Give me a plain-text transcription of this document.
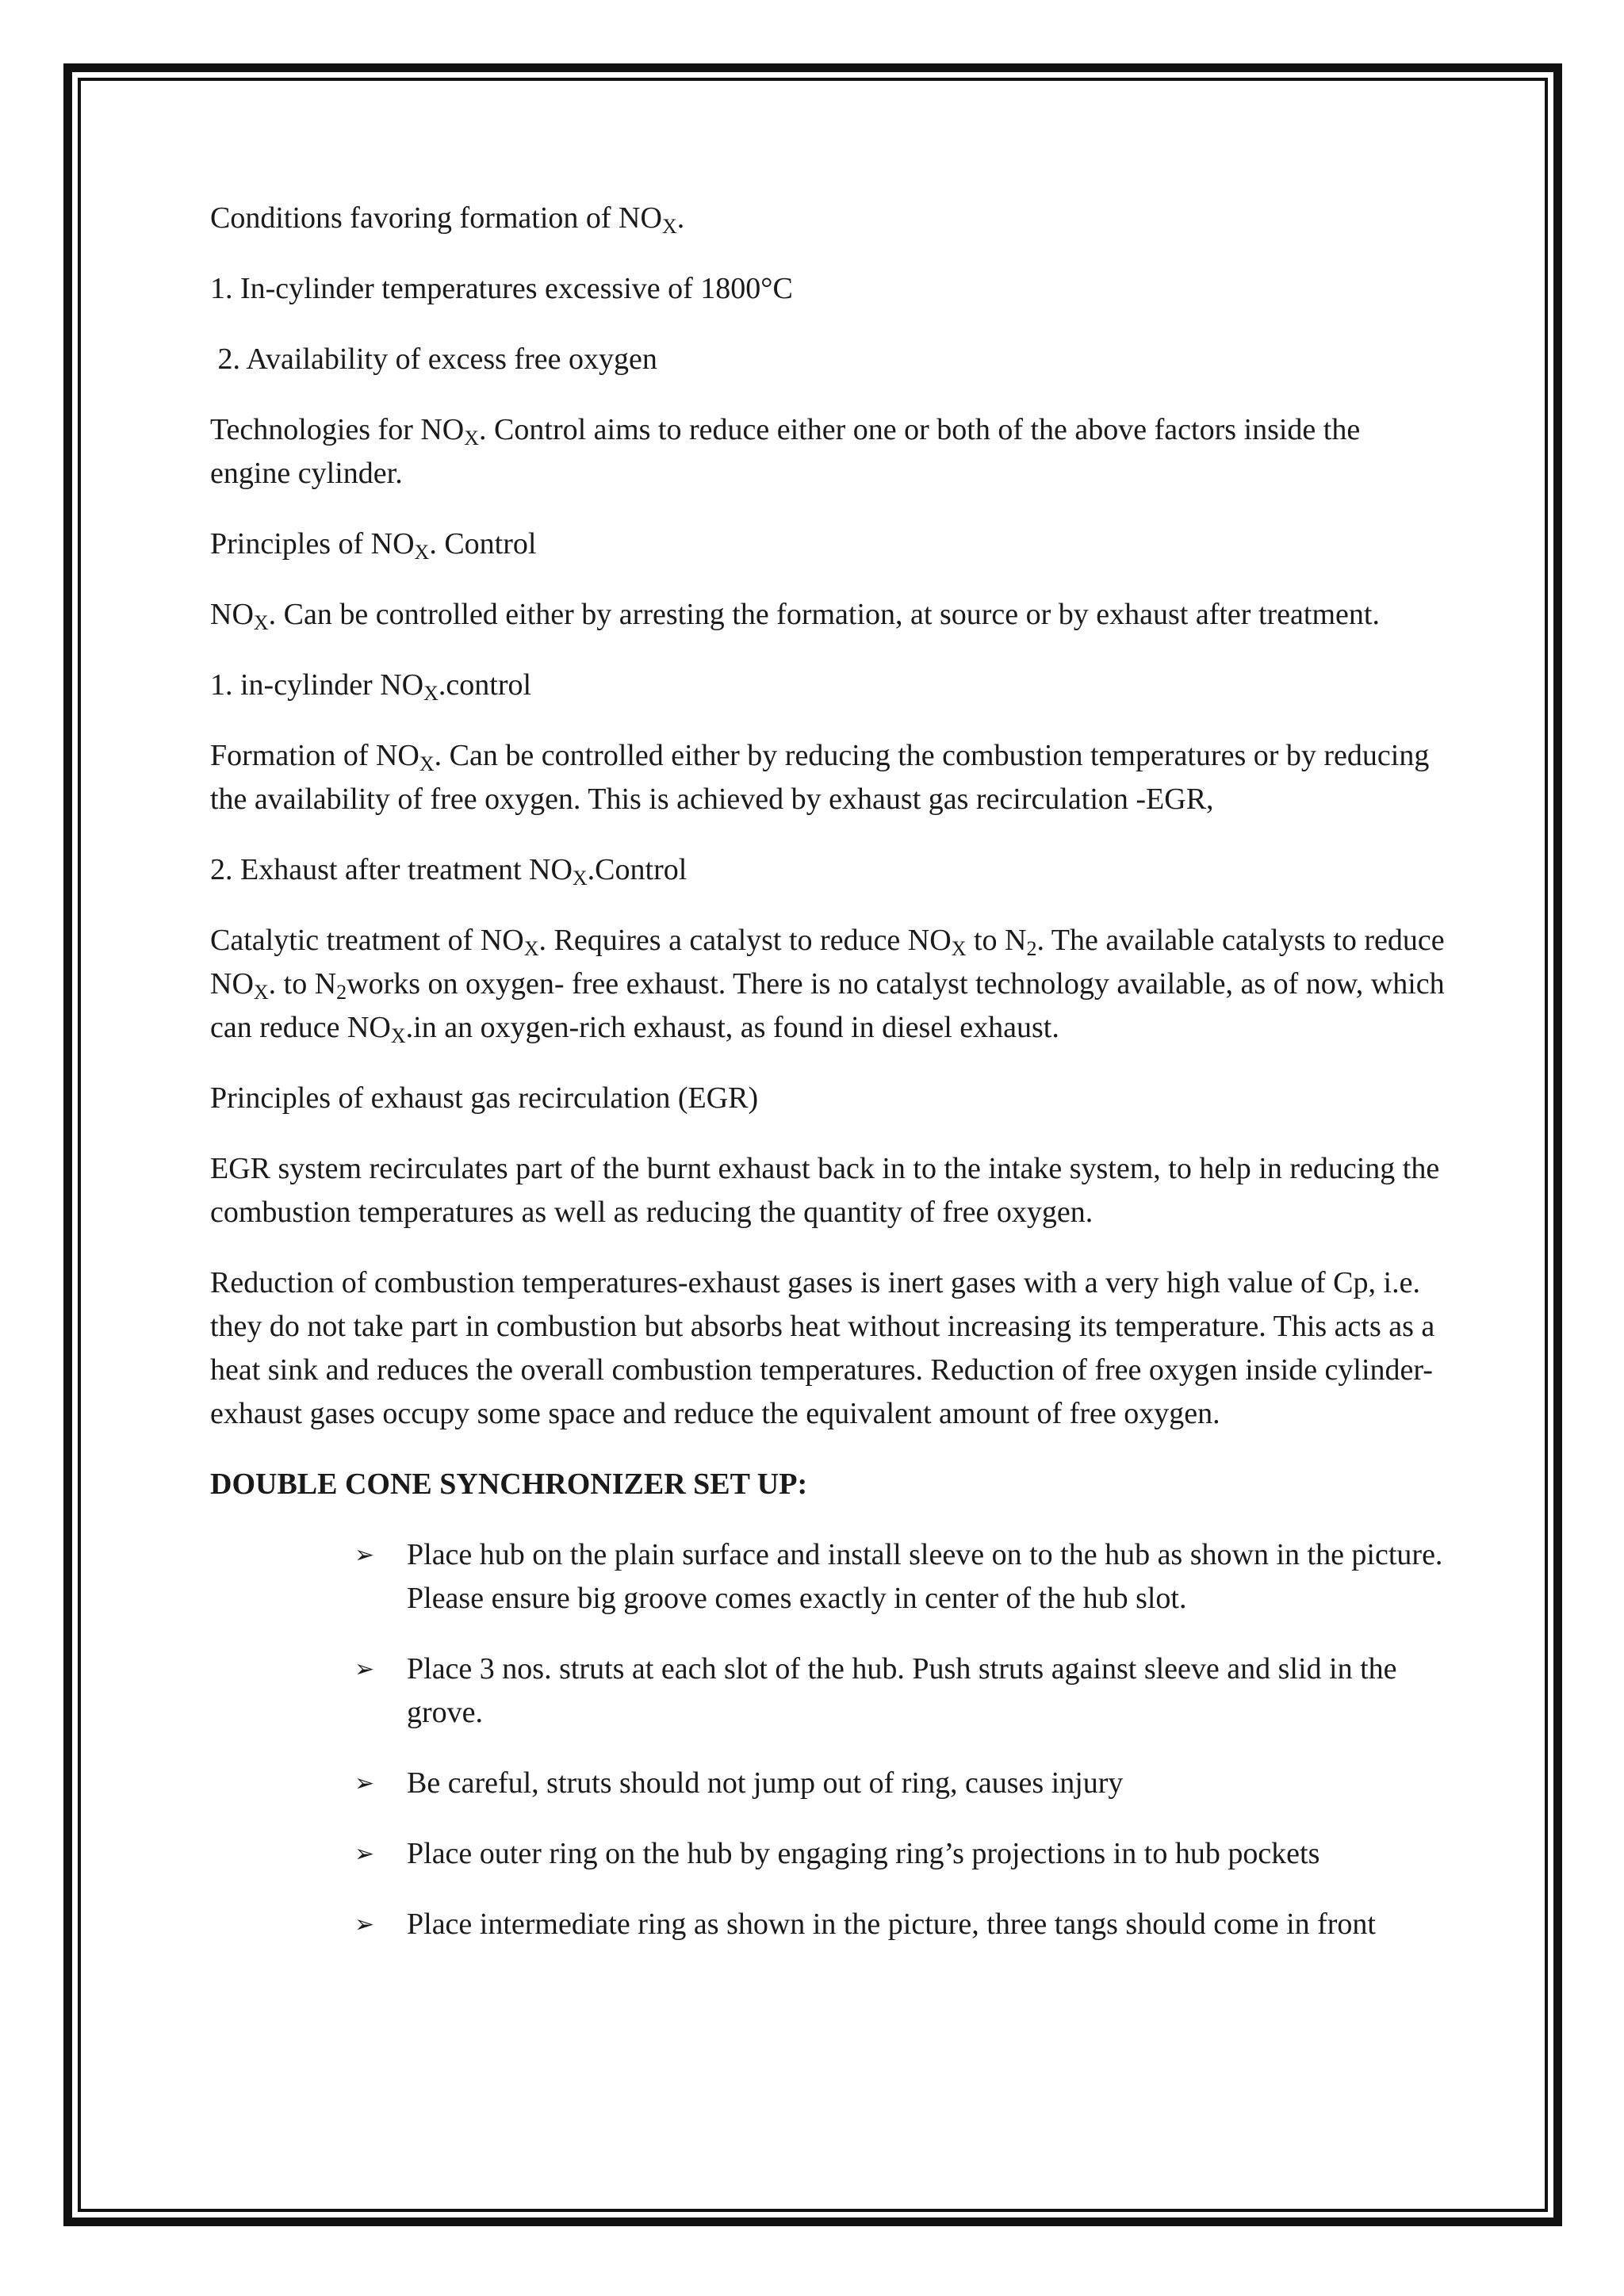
Conditions favoring formation of $NO_X$.

1. In-cylinder temperatures excessive of 1800°C

2. Availability of excess free oxygen

Technologies for $NO_X$. Control aims to reduce either one or both of the above factors inside the engine cylinder.

Principles of $NO_X$. Control

$NO_X$. Can be controlled either by arresting the formation, at source or by exhaust after treatment.

1. in-cylinder $NO_X.control$

Formation of $NO_X$. Can be controlled either by reducing the combustion temperatures or by reducing the availability of free oxygen. This is achieved by exhaust gas recirculation -EGR,

2. Exhaust after treatment $NO_X.Control$

Catalytic treatment of $NO_X$. Requires a catalyst to reduce $NO_X$ to $N_2$. The available catalysts to reduce $NO_X$. to $N_2works$ on oxygen- free exhaust. There is no catalyst technology available, as of now, which can reduce $NO_X.in$ an oxygen-rich exhaust, as found in diesel exhaust.

Principles of exhaust gas recirculation (EGR)

EGR system recirculates part of the burnt exhaust back in to the intake system, to help in reducing the combustion temperatures as well as reducing the quantity of free oxygen.

Reduction of combustion temperatures-exhaust gases is inert gases with a very high value of Cp, i.e. they do not take part in combustion but absorbs heat without increasing its temperature. This acts as a heat sink and reduces the overall combustion temperatures. Reduction of free oxygen inside cylinder-exhaust gases occupy some space and reduce the equivalent amount of free oxygen.

DOUBLE CONE SYNCHRONIZER SET UP:

➢ Place hub on the plain surface and install sleeve on to the hub as shown in the picture. Please ensure big groove comes exactly in center of the hub slot.
➢ Place 3 nos. struts at each slot of the hub. Push struts against sleeve and slid in the grove.
➢ Be careful, struts should not jump out of ring, causes injury
➢ Place outer ring on the hub by engaging ring’s projections in to hub pockets
➢ Place intermediate ring as shown in the picture, three tangs should come in front
